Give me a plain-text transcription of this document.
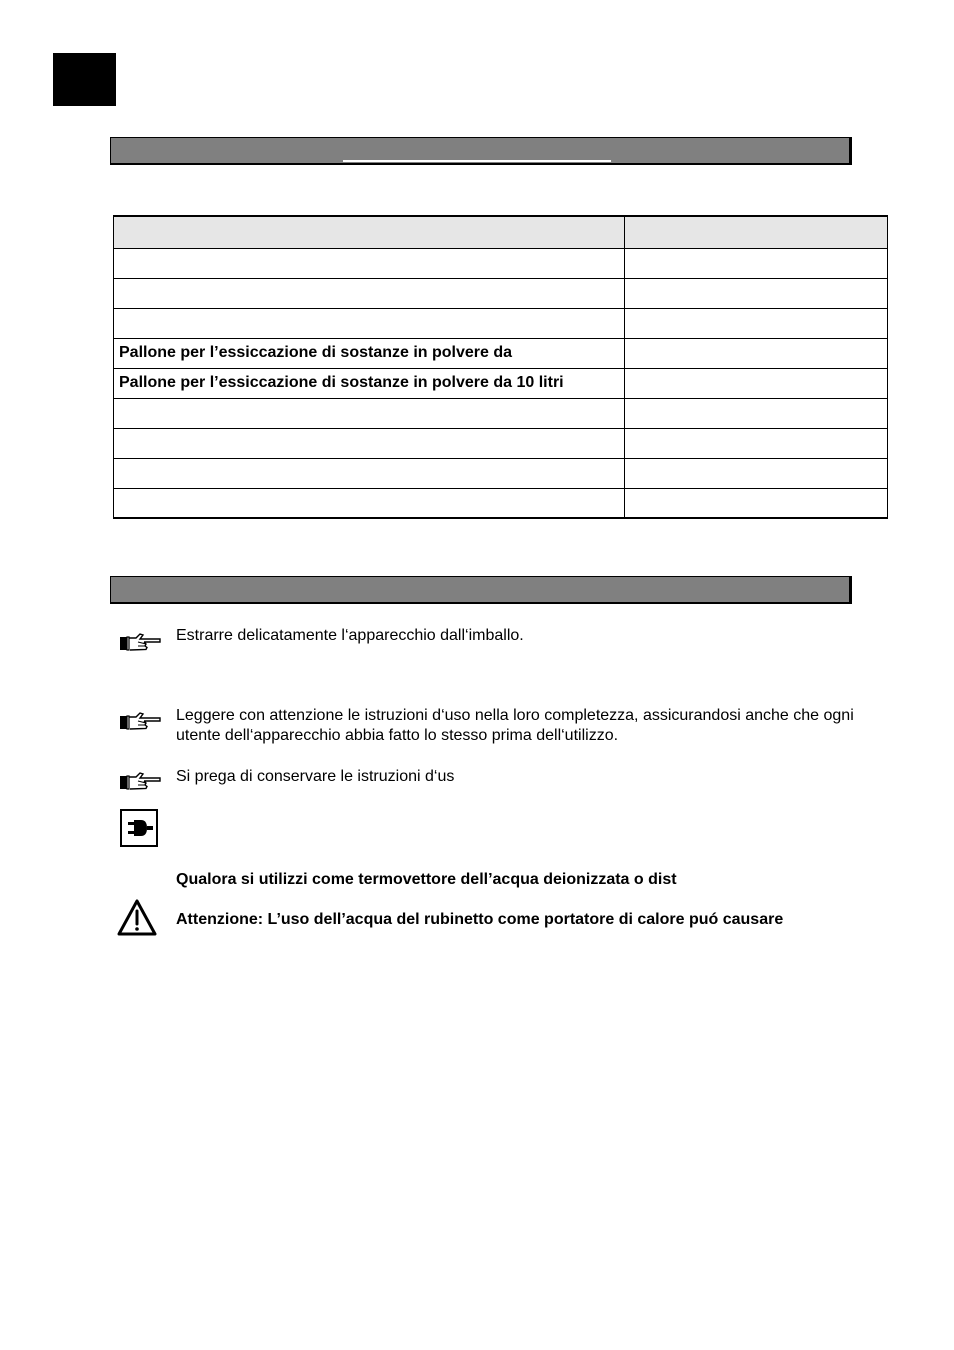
Pallone per l’essiccazione di sostanze in polvere da	
Pallone per l’essiccazione di sostanze in polvere da 10 litri	

Estrarre delicatamente l‘apparecchio dall‘imballo.
Leggere con attenzione le istruzioni d‘uso nella loro completezza, assicurandosi anche che ogni utente dell‘apparecchio abbia fatto lo stesso prima dell‘utilizzo.
Si prega di conservare le istruzioni d‘us
Qualora si utilizzi come termovettore dell’acqua deionizzata o dist
Attenzione: L’uso dell’acqua del rubinetto come portatore di calore puó causare
